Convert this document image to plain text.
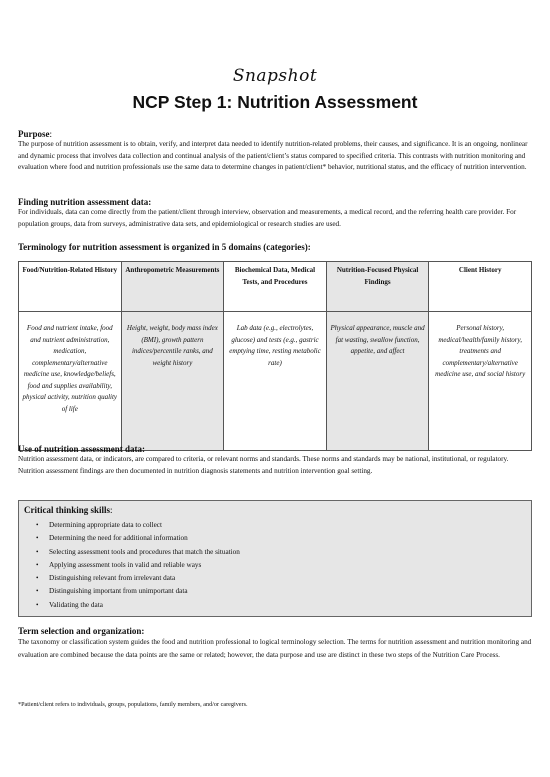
Snapshot
NCP Step 1: Nutrition Assessment

Purpose:

The purpose of nutrition assessment is to obtain, verify, and interpret data needed to identify nutrition-related problems, their causes, and significance. It is an ongoing, nonlinear and dynamic process that involves data collection and continual analysis of the patient/client’s status compared to specified criteria. This contrasts with nutrition monitoring and evaluation where food and nutrition professionals use the same data to determine changes in patient/client* behavior, nutritional status, and the efficacy of nutrition intervention.

Finding nutrition assessment data:

For individuals, data can come directly from the patient/client through interview, observation and measurements, a medical record, and the referring health care provider. For population groups, data from surveys, administrative data sets, and epidemiological or research studies are used.

Terminology for nutrition assessment is organized in 5 domains (categories):

Food/Nutrition-Related History	Anthropometric Measurements	Biochemical Data, Medical Tests, and Procedures	Nutrition-Focused Physical Findings	Client History
Food and nutrient intake, food and nutrient administration, medication, complementary/alternative medicine use, knowledge/beliefs, food and supplies availability, physical activity, nutrition quality of life	Height, weight, body mass index (BMI), growth pattern indices/percentile ranks, and weight history	Lab data (e.g., electrolytes, glucose) and tests (e.g., gastric emptying time, resting metabolic rate)	Physical appearance, muscle and fat wasting, swallow function, appetite, and affect	Personal history, medical/health/family history, treatments and complementary/alternative medicine use, and social history

Use of nutrition assessment data:

Nutrition assessment data, or indicators, are compared to criteria, or relevant norms and standards. These norms and standards may be national, institutional, or regulatory. Nutrition assessment findings are then documented in nutrition diagnosis statements and nutrition intervention goal setting.

Critical thinking skills:

• Determining appropriate data to collect
• Determining the need for additional information
• Selecting assessment tools and procedures that match the situation
• Applying assessment tools in valid and reliable ways
• Distinguishing relevant from irrelevant data
• Distinguishing important from unimportant data
• Validating the data

Term selection and organization:

The taxonomy or classification system guides the food and nutrition professional to logical terminology selection. The terms for nutrition assessment and nutrition monitoring and evaluation are combined because the data points are the same or related; however, the data purpose and use are distinct in these two steps of the Nutrition Care Process.

*Patient/client refers to individuals, groups, populations, family members, and/or caregivers.
